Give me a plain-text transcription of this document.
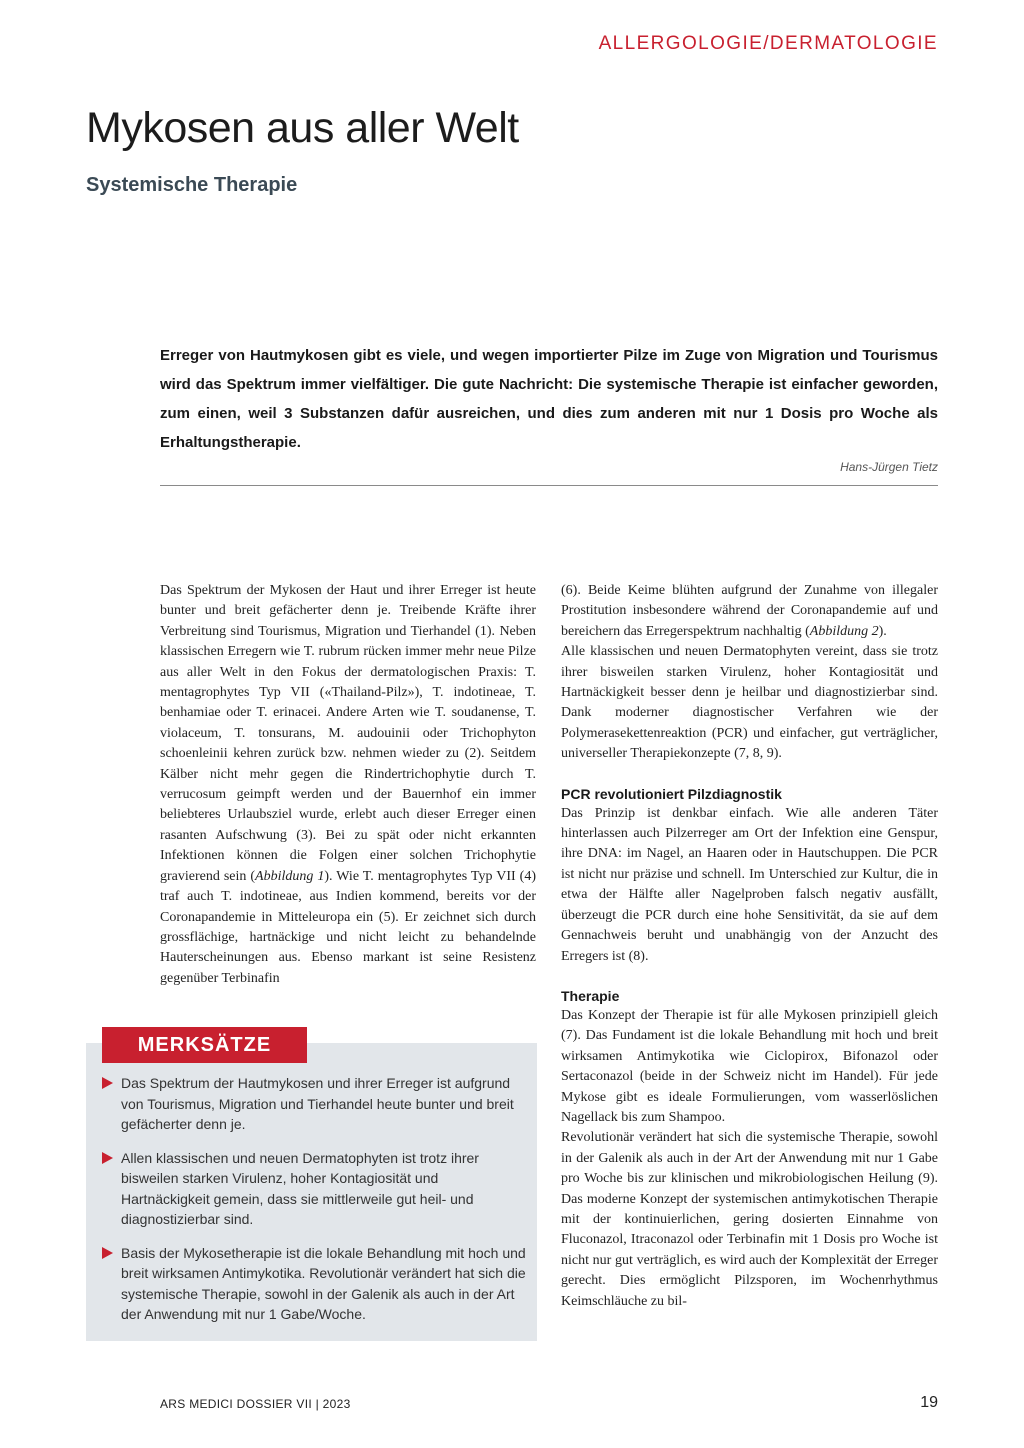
ALLERGOLOGIE/DERMATOLOGIE
Mykosen aus aller Welt
Systemische Therapie

Erreger von Hautmykosen gibt es viele, und wegen importierter Pilze im Zuge von Migration und Tourismus wird das Spektrum immer vielfältiger. Die gute Nachricht: Die systemische Therapie ist einfacher geworden, zum einen, weil 3 Substanzen dafür ausreichen, und dies zum anderen mit nur 1 Dosis pro Woche als Erhaltungstherapie.

Hans-Jürgen Tietz

Das Spektrum der Mykosen der Haut und ihrer Erreger ist heute bunter und breit gefächerter denn je. Treibende Kräfte ihrer Verbreitung sind Tourismus, Migration und Tierhandel (1). Neben klassischen Erregern wie T. rubrum rücken immer mehr neue Pilze aus aller Welt in den Fokus der dermatologischen Praxis: T. mentagrophytes Typ VII («Thailand-Pilz»), T. indotineae, T. benhamiae oder T. erinacei. Andere Arten wie T. soudanense, T. violaceum, T. tonsurans, M. audouinii oder Trichophyton schoenleinii kehren zurück bzw. nehmen wieder zu (2). Seitdem Kälber nicht mehr gegen die Rindertrichophytie durch T. verrucosum geimpft werden und der Bauernhof ein immer beliebteres Urlaubsziel wurde, erlebt auch dieser Erreger einen rasanten Aufschwung (3). Bei zu spät oder nicht erkannten Infektionen können die Folgen einer solchen Trichophytie gravierend sein (Abbildung 1). Wie T. mentagrophytes Typ VII (4) traf auch T. indotineae, aus Indien kommend, bereits vor der Coronapandemie in Mitteleuropa ein (5). Er zeichnet sich durch grossflächige, hartnäckige und nicht leicht zu behandelnde Hauterscheinungen aus. Ebenso markant ist seine Resistenz gegenüber Terbinafin

MERKSÄTZE
Das Spektrum der Hautmykosen und ihrer Erreger ist aufgrund von Tourismus, Migration und Tierhandel heute bunter und breit gefächerter denn je.
Allen klassischen und neuen Dermatophyten ist trotz ihrer bisweilen starken Virulenz, hoher Kontagiosität und Hartnäckigkeit gemein, dass sie mittlerweile gut heil- und diagnostizierbar sind.
Basis der Mykosetherapie ist die lokale Behandlung mit hoch und breit wirksamen Antimykotika. Revolutionär verändert hat sich die systemische Therapie, sowohl in der Galenik als auch in der Art der Anwendung mit nur 1 Gabe/Woche.

(6). Beide Keime blühten aufgrund der Zunahme von illegaler Prostitution insbesondere während der Coronapandemie auf und bereichern das Erregerspektrum nachhaltig (Abbildung 2).

Alle klassischen und neuen Dermatophyten vereint, dass sie trotz ihrer bisweilen starken Virulenz, hoher Kontagiosität und Hartnäckigkeit besser denn je heilbar und diagnostizierbar sind. Dank moderner diagnostischer Verfahren wie der Polymerasekettenreaktion (PCR) und einfacher, gut verträglicher, universeller Therapiekonzepte (7, 8, 9).

PCR revolutioniert Pilzdiagnostik

Das Prinzip ist denkbar einfach. Wie alle anderen Täter hinterlassen auch Pilzerreger am Ort der Infektion eine Genspur, ihre DNA: im Nagel, an Haaren oder in Hautschuppen. Die PCR ist nicht nur präzise und schnell. Im Unterschied zur Kultur, die in etwa der Hälfte aller Nagelproben falsch negativ ausfällt, überzeugt die PCR durch eine hohe Sensitivität, da sie auf dem Gennachweis beruht und unabhängig von der Anzucht des Erregers ist (8).

Therapie

Das Konzept der Therapie ist für alle Mykosen prinzipiell gleich (7). Das Fundament ist die lokale Behandlung mit hoch und breit wirksamen Antimykotika wie Ciclopirox, Bifonazol oder Sertaconazol (beide in der Schweiz nicht im Handel). Für jede Mykose gibt es ideale Formulierungen, vom wasserlöslichen Nagellack bis zum Shampoo.

Revolutionär verändert hat sich die systemische Therapie, sowohl in der Galenik als auch in der Art der Anwendung mit nur 1 Gabe pro Woche bis zur klinischen und mikrobiologischen Heilung (9). Das moderne Konzept der systemischen antimykotischen Therapie mit der kontinuierlichen, gering dosierten Einnahme von Fluconazol, Itraconazol oder Terbinafin mit 1 Dosis pro Woche ist nicht nur gut verträglich, es wird auch der Komplexität der Erreger gerecht. Dies ermöglicht Pilzsporen, im Wochenrhythmus Keimschläuche zu bil-

ARS MEDICI DOSSIER VII | 2023	19
